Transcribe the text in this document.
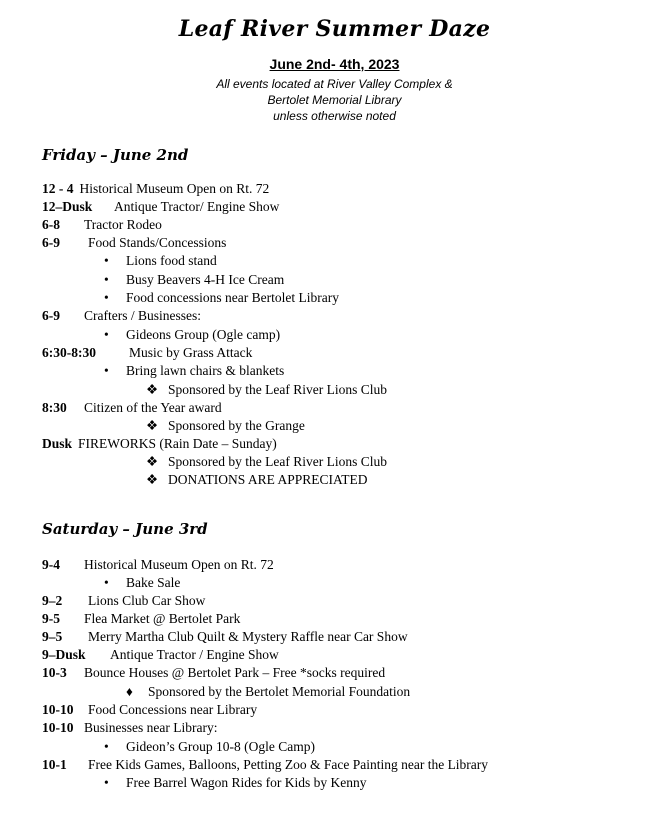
Leaf River Summer Daze
June 2nd- 4th, 2023
All events located at River Valley Complex &
Bertolet Memorial Library
unless otherwise noted
Friday – June 2nd
12 - 4 Historical Museum Open on Rt. 72
12–Dusk Antique Tractor/ Engine Show
6-8 Tractor Rodeo
6-9 Food Stands/Concessions
• Lions food stand
• Busy Beavers 4-H Ice Cream
• Food concessions near Bertolet Library
6-9 Crafters / Businesses:
• Gideons Group (Ogle camp)
6:30-8:30 Music by Grass Attack
• Bring lawn chairs & blankets
❖ Sponsored by the Leaf River Lions Club
8:30 Citizen of the Year award
❖ Sponsored by the Grange
Dusk FIREWORKS (Rain Date – Sunday)
❖ Sponsored by the Leaf River Lions Club
❖ DONATIONS ARE APPRECIATED
Saturday – June 3rd
9-4 Historical Museum Open on Rt. 72
• Bake Sale
9–2 Lions Club Car Show
9-5 Flea Market @ Bertolet Park
9–5 Merry Martha Club Quilt & Mystery Raffle near Car Show
9–Dusk Antique Tractor / Engine Show
10-3 Bounce Houses @ Bertolet Park – Free *socks required
♦ Sponsored by the Bertolet Memorial Foundation
10-10 Food Concessions near Library
10-10 Businesses near Library:
• Gideon’s Group 10-8 (Ogle Camp)
10-1 Free Kids Games, Balloons, Petting Zoo & Face Painting near the Library
• Free Barrel Wagon Rides for Kids by Kenny
